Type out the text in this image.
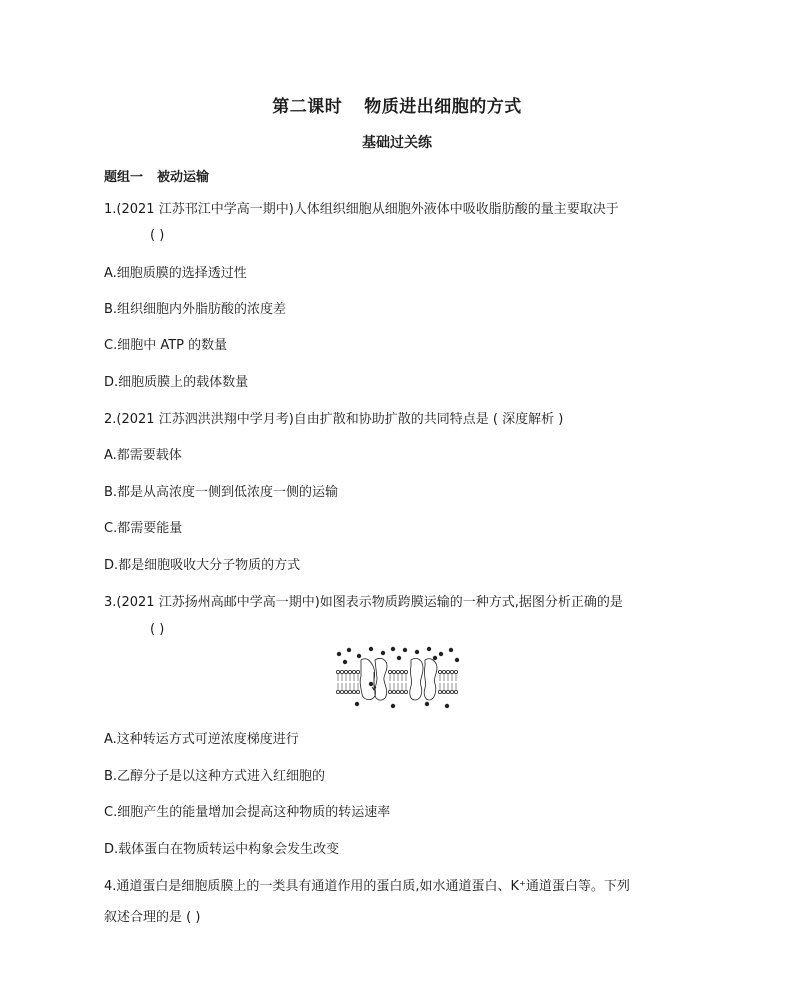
第二课时 物质进出细胞的方式
基础过关练
题组一 被动运输
1.(2021 江苏邗江中学高一期中)人体组织细胞从细胞外液体中吸收脂肪酸的量主要取决于
( )
A.细胞质膜的选择透过性
B.组织细胞内外脂肪酸的浓度差
C.细胞中 ATP 的数量
D.细胞质膜上的载体数量
2.(2021 江苏泗洪洪翔中学月考)自由扩散和协助扩散的共同特点是 ( 深度解析 )
A.都需要载体
B.都是从高浓度一侧到低浓度一侧的运输
C.都需要能量
D.都是细胞吸收大分子物质的方式
3.(2021 江苏扬州高邮中学高一期中)如图表示物质跨膜运输的一种方式,据图分析正确的是
( )
A.这种转运方式可逆浓度梯度进行
B.乙醇分子是以这种方式进入红细胞的
C.细胞产生的能量增加会提高这种物质的转运速率
D.载体蛋白在物质转运中构象会发生改变
4.通道蛋白是细胞质膜上的一类具有通道作用的蛋白质,如水通道蛋白、K⁺通道蛋白等。下列
叙述合理的是 ( )
